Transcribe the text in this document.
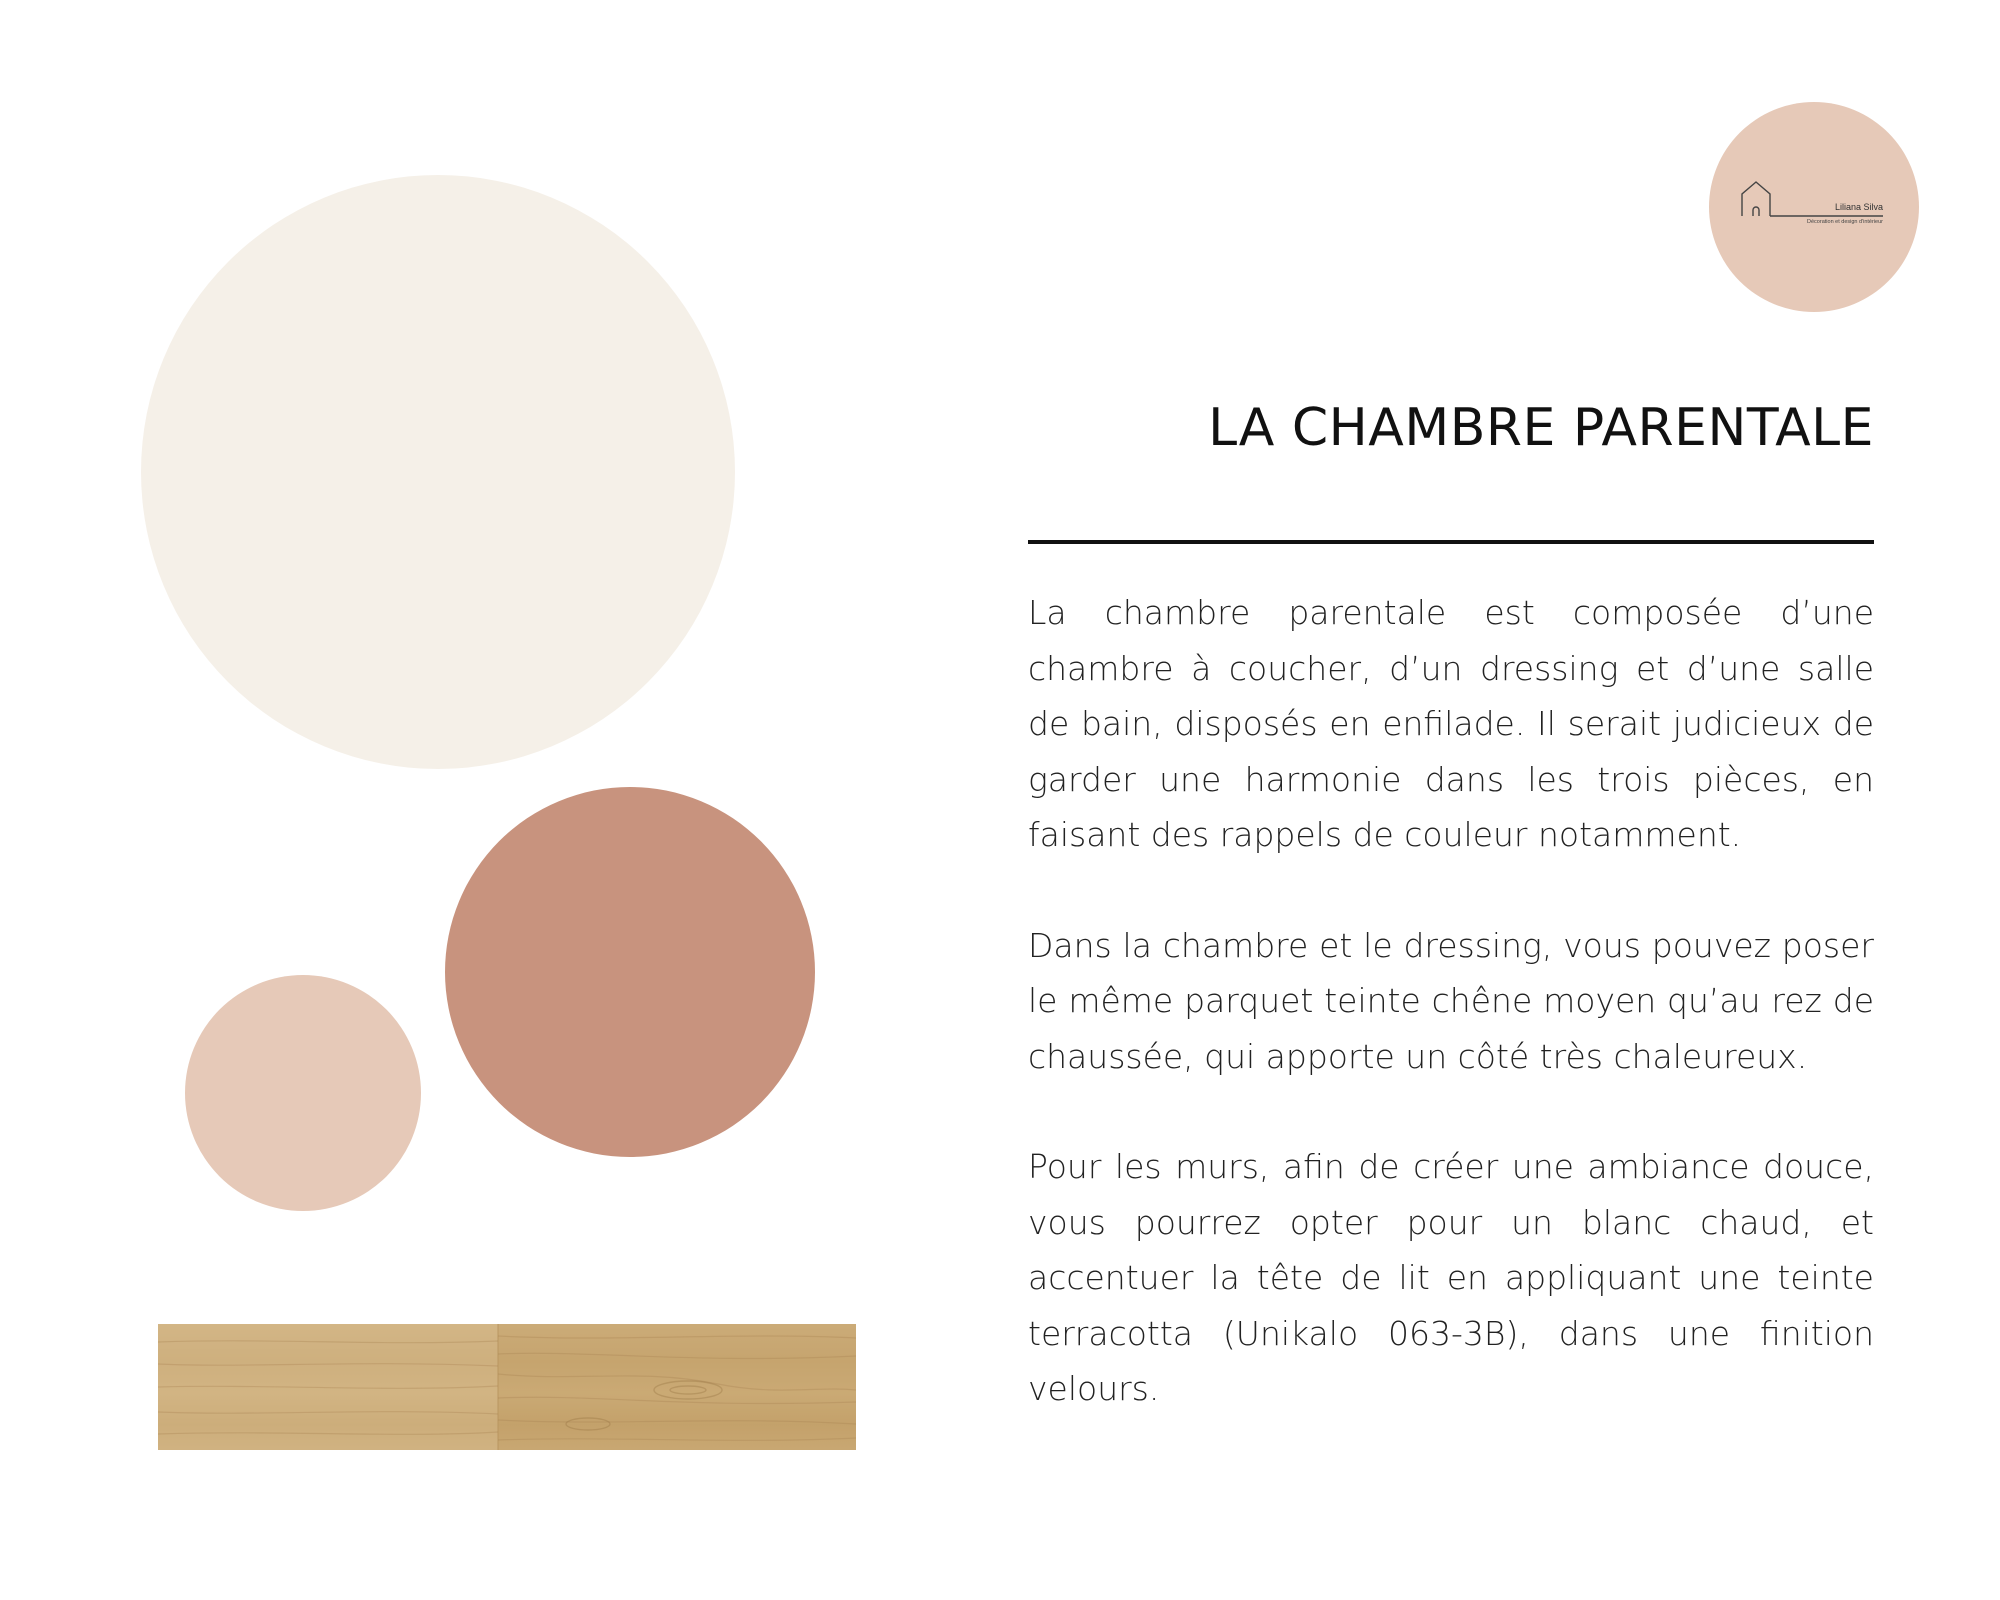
Liliana Silva
Décoration et design d'intérieur
LA CHAMBRE PARENTALE

La chambre parentale est composée d’une chambre à coucher, d’un dressing et d’une salle de bain, disposés en enfilade. Il serait judicieux de garder une harmonie dans les trois pièces, en faisant des rappels de couleur notamment.

Dans la chambre et le dressing, vous pouvez poser le même parquet teinte chêne moyen qu’au rez de chaussée, qui apporte un côté très chaleureux.

Pour les murs, afin de créer une ambiance douce, vous pourrez opter pour un blanc chaud, et accentuer la tête de lit en appliquant une teinte terracotta (Unikalo 063-3B), dans une finition velours.
